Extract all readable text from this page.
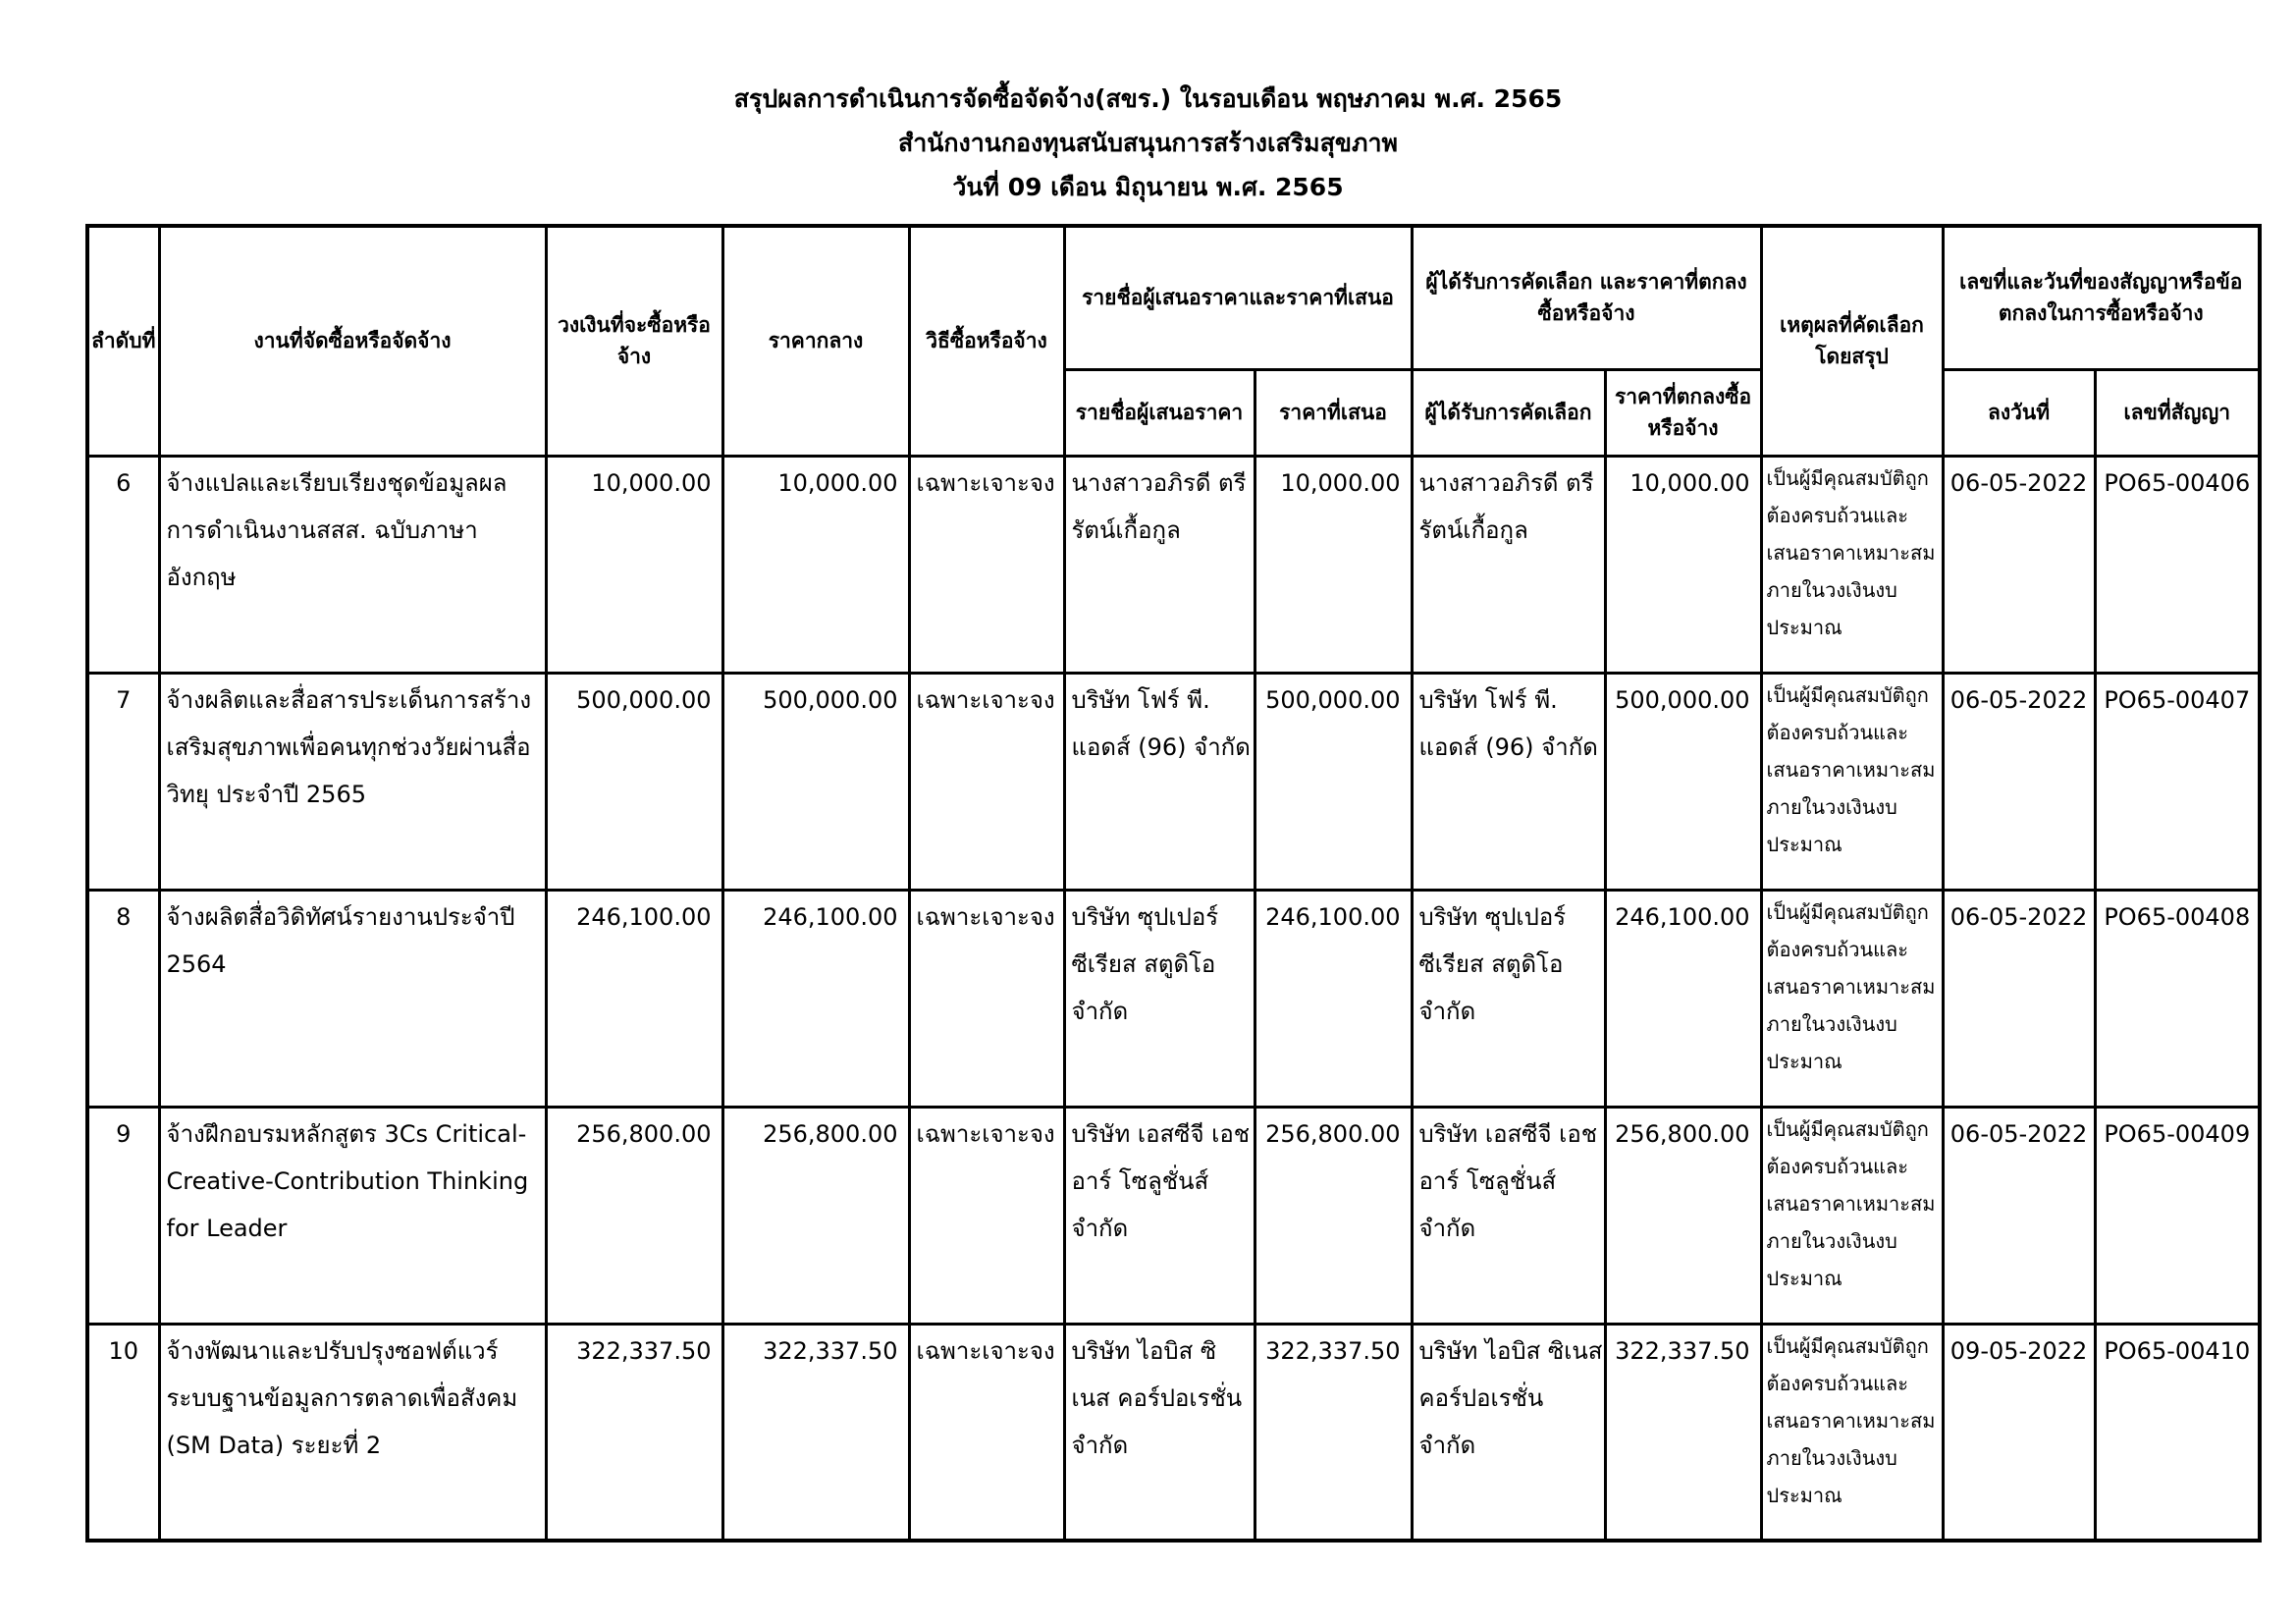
สรุปผลการดำเนินการจัดซื้อจัดจ้าง(สขร.) ในรอบเดือน พฤษภาคม พ.ศ. 2565
สำนักงานกองทุนสนับสนุนการสร้างเสริมสุขภาพ
วันที่ 09 เดือน มิถุนายน พ.ศ. 2565
ลำดับที่	งานที่จัดซื้อหรือจัดจ้าง	วงเงินที่จะซื้อหรือจ้าง	ราคากลาง	วิธีซื้อหรือจ้าง	รายชื่อผู้เสนอราคาและราคาที่เสนอ		ผู้ได้รับการคัดเลือก และราคาที่ตกลงซื้อหรือจ้าง		เหตุผลที่คัดเลือกโดยสรุป	เลขที่และวันที่ของสัญญาหรือข้อตกลงในการซื้อหรือจ้าง	
					รายชื่อผู้เสนอราคา	ราคาที่เสนอ	ผู้ได้รับการคัดเลือก	ราคาที่ตกลงซื้อหรือจ้าง		ลงวันที่	เลขที่สัญญา
6	จ้างแปลและเรียบเรียงชุดข้อมูลผลการดำเนินงานสสส. ฉบับภาษาอังกฤษ	10,000.00	10,000.00	เฉพาะเจาะจง	นางสาวอภิรดี ตรีรัตน์เกื้อกูล	10,000.00	นางสาวอภิรดี ตรีรัตน์เกื้อกูล	10,000.00	เป็นผู้มีคุณสมบัติถูกต้องครบถ้วนและเสนอราคาเหมาะสมภายในวงเงินงบประมาณ	06-05-2022	PO65-00406
7	จ้างผลิตและสื่อสารประเด็นการสร้างเสริมสุขภาพเพื่อคนทุกช่วงวัยผ่านสื่อวิทยุ ประจำปี 2565	500,000.00	500,000.00	เฉพาะเจาะจง	บริษัท โฟร์ พี. แอดส์ (96) จำกัด	500,000.00	บริษัท โฟร์ พี. แอดส์ (96) จำกัด	500,000.00	เป็นผู้มีคุณสมบัติถูกต้องครบถ้วนและเสนอราคาเหมาะสมภายในวงเงินงบประมาณ	06-05-2022	PO65-00407
8	จ้างผลิตสื่อวิดิทัศน์รายงานประจำปี 2564	246,100.00	246,100.00	เฉพาะเจาะจง	บริษัท ซุปเปอร์ ซีเรียส สตูดิโอ จำกัด	246,100.00	บริษัท ซุปเปอร์ ซีเรียส สตูดิโอ จำกัด	246,100.00	เป็นผู้มีคุณสมบัติถูกต้องครบถ้วนและเสนอราคาเหมาะสมภายในวงเงินงบประมาณ	06-05-2022	PO65-00408
9	จ้างฝึกอบรมหลักสูตร 3Cs Critical-Creative-Contribution Thinking for Leader	256,800.00	256,800.00	เฉพาะเจาะจง	บริษัท เอสซีจี เอชอาร์ โซลูชั่นส์ จำกัด	256,800.00	บริษัท เอสซีจี เอชอาร์ โซลูชั่นส์ จำกัด	256,800.00	เป็นผู้มีคุณสมบัติถูกต้องครบถ้วนและเสนอราคาเหมาะสมภายในวงเงินงบประมาณ	06-05-2022	PO65-00409
10	จ้างพัฒนาและปรับปรุงซอฟต์แวร์ระบบฐานข้อมูลการตลาดเพื่อสังคม (SM Data) ระยะที่ 2	322,337.50	322,337.50	เฉพาะเจาะจง	บริษัท ไอบิส ซิเนส คอร์ปอเรชั่น จำกัด	322,337.50	บริษัท ไอบิส ซิเนส คอร์ปอเรชั่น จำกัด	322,337.50	เป็นผู้มีคุณสมบัติถูกต้องครบถ้วนและเสนอราคาเหมาะสมภายในวงเงินงบประมาณ	09-05-2022	PO65-00410
